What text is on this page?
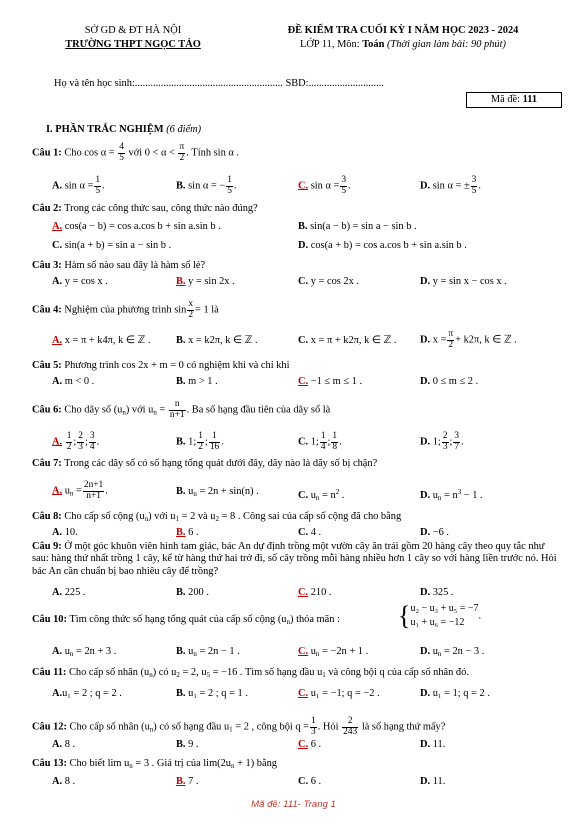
SỞ GD & ĐT HÀ NỘI
TRƯỜNG THPT NGỌC TẢO
ĐỀ KIỂM TRA CUỐI KỲ I NĂM HỌC 2023 - 2024
LỚP 11, Môn: Toán (Thời gian làm bài: 90 phút)
Họ và tên học sinh:......................................................... SBD:.............................
Mã đề: 111
I. PHẦN TRẮC NGHIỆM (6 điểm)
Câu 1: Cho $\cos \alpha = \frac{4}{5}$ với $0 < \alpha < \frac{\pi}{2}$ . Tính sin α .
A. $\sin \alpha = \frac{1}{5}$ .	B. sin α = − $\frac{1}{5}$ .	C. $\sin \alpha = \frac{3}{5}$ .	D. sin α = ± $\frac{3}{5}$ .
Câu 2: Trong các công thức sau, công thức nào đúng?
A. cos(a − b) = cos a.cos b + sin a.sin b .	B. sin(a − b) = sin a − sin b .
C. sin(a + b) = sin a − sin b .	D. cos(a + b) = cos a.cos b + sin a.sin b .
Câu 3: Hàm số nào sau đây là hàm số lẻ?
A. y = cos x .	B. y = sin 2x .	C. y = cos 2x .	D. y = sin x − cos x .
Câu 4: Nghiệm của phương trình $\sin \frac{x}{2} = 1$ là
A. x = π + k4π, k ∈ ℤ . B. x = k2π, k ∈ ℤ .	C. x = π + k2π, k ∈ ℤ . D. $x = \frac{\pi}{2} + k2\pi$, k ∈ ℤ .
Câu 5: Phương trình cos 2x + m = 0 có nghiệm khi và chỉ khi
A. m < 0 .	B. m > 1 .	C. −1 ≤ m ≤ 1 .	D. 0 ≤ m ≤ 2 .
Câu 6: Cho dãy số $(u_n)$ với $u_n = \frac{n}{n+1}$ . Ba số hạng đầu tiên của dãy số là
A. $\frac{1}{2}$ ; $\frac{2}{3}$ ; $\frac{3}{4}$ .	B. 1; $\frac{1}{2}$ ; $\frac{1}{16}$ .	C. 1; $\frac{1}{4}$ ; $\frac{1}{8}$ .	D. 1; $\frac{2}{3}$ ; $\frac{3}{7}$ .
Câu 7: Trong các dãy số có số hạng tổng quát dưới đây, dãy nào là dãy số bị chặn?
A. $u_n = \frac{2n+1}{n+1}$ .	B. $u_n = 2n + \sin(n)$ .	C. $u_n = n^2$ .	D. $u_n = n^3 - 1$ .
Câu 8: Cho cấp số cộng $(u_n)$ với $u_1 = 2$ và $u_2 = 8$ . Công sai của cấp số cộng đã cho bằng
A. 10.	B. 6 .	C. 4 .	D. −6 .
Câu 9: Ở một góc khuôn viên hình tam giác, bác An dự định trồng một vườn cây ăn trái gồm 20 hàng cây theo quy tắc như sau: hàng thứ nhất trồng 1 cây, kể từ hàng thứ hai trở đi, số cây trồng mỗi hàng nhiều hơn 1 cây so với hàng liền trước nó. Hỏi bác An cần chuẩn bị bao nhiêu cây để trồng?
A. 225 .	B. 200 .	C. 210 .	D. 325 .
Câu 10: Tìm công thức số hạng tổng quát của cấp số cộng $(u_n)$ thỏa mãn : { u₂ − u₃ + u₅ = −7
u₁ + u₆ = −12
.
A. $u_n = 2n + 3$ .	B. $u_n = 2n - 1$ .	C. $u_n = -2n + 1$ .	D. $u_n = 2n - 3$ .
Câu 11: Cho cấp số nhân $(u_n)$ có $u_2 = 2$, $u_5 = -16$ . Tìm số hạng đầu $u_1$ và công bội q của cấp số nhân đó.
A.u₁ = 2 ; q = 2 .	B. u₁ = 2 ; q = 1 .	C. u₁ = −1; q = −2 .	D. u₁ = 1; q = 2 .
Câu 12: Cho cấp số nhân $(u_n)$ có số hạng đầu $u_1 = 2$ , công bội $q = \frac{1}{3}$ . Hỏi $\frac{2}{243}$ là số hạng thứ mấy?
A. 8 .	B. 9 .	C. 6 .	D. 11.
Câu 13: Cho biết $\lim u_n = 3$ . Giá trị của $\lim(2u_n + 1)$ bằng
A. 8 .	B. 7 .	C. 6 .	D. 11.
Mã đề: 111- Trang 1
